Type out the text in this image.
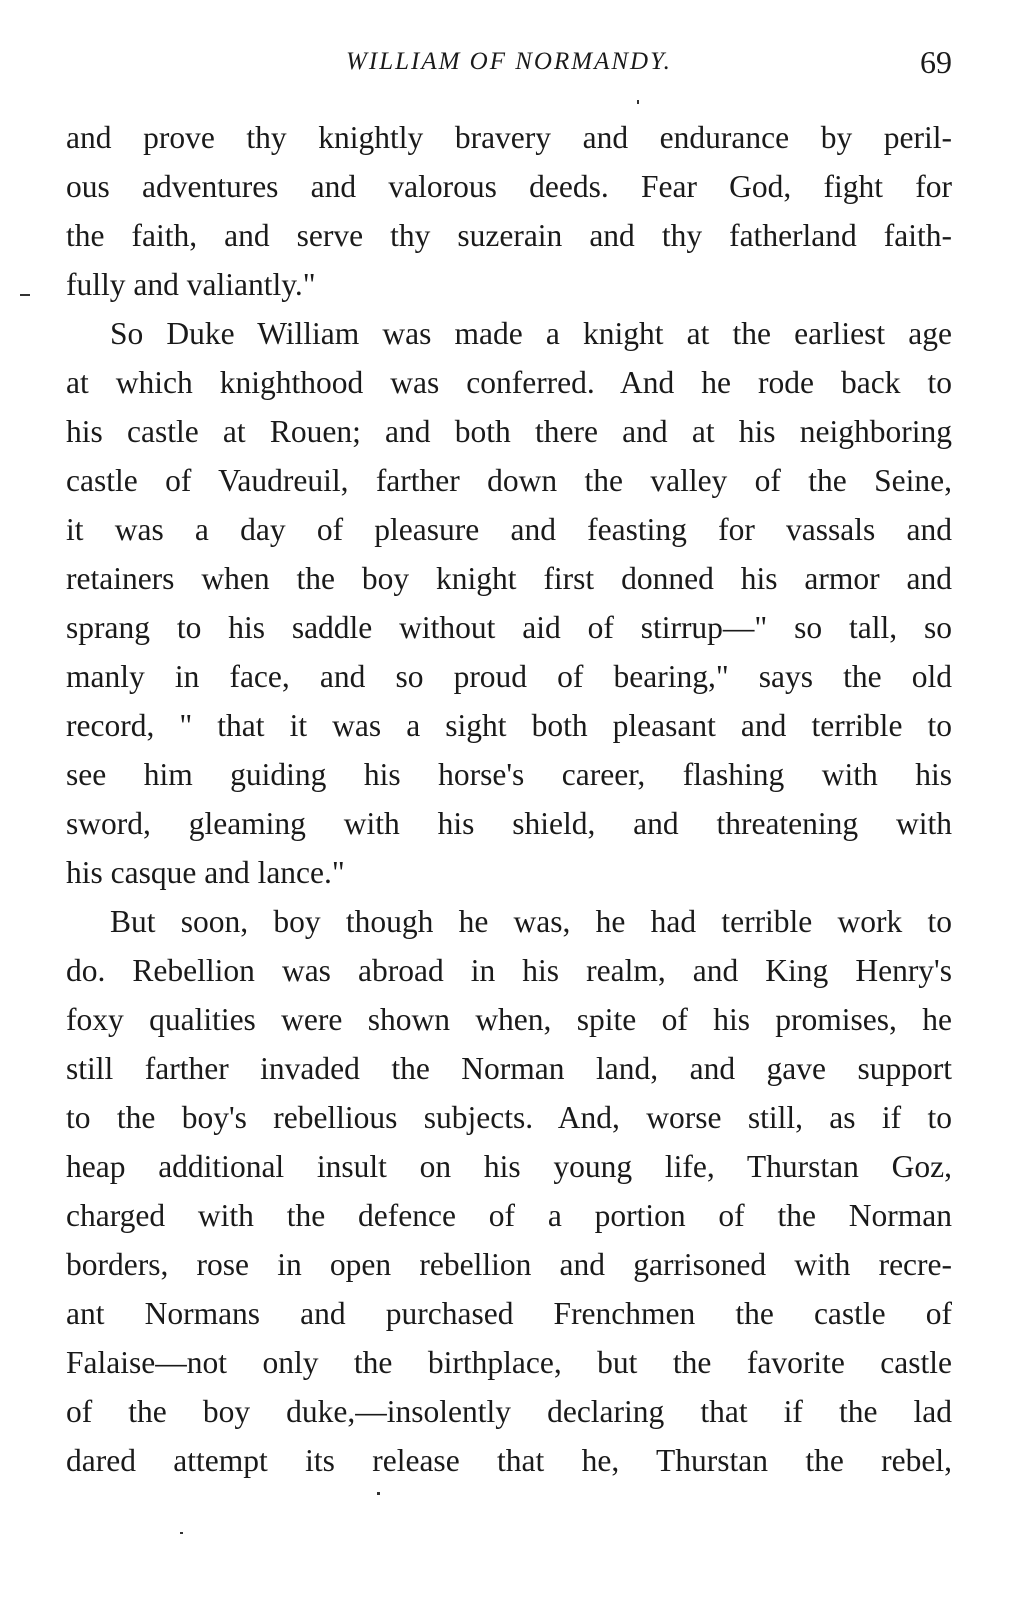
WILLIAM OF NORMANDY.	69
and prove thy knightly bravery and endurance by peril-
ous adventures and valorous deeds. Fear God, fight for
the faith, and serve thy suzerain and thy fatherland faith-
fully and valiantly."
So Duke William was made a knight at the earliest age
at which knighthood was conferred. And he rode back to
his castle at Rouen; and both there and at his neighboring
castle of Vaudreuil, farther down the valley of the Seine,
it was a day of pleasure and feasting for vassals and
retainers when the boy knight first donned his armor and
sprang to his saddle without aid of stirrup—" so tall, so
manly in face, and so proud of bearing," says the old
record, " that it was a sight both pleasant and terrible to
see him guiding his horse's career, flashing with his
sword, gleaming with his shield, and threatening with
his casque and lance."
But soon, boy though he was, he had terrible work to
do. Rebellion was abroad in his realm, and King Henry's
foxy qualities were shown when, spite of his promises, he
still farther invaded the Norman land, and gave support
to the boy's rebellious subjects. And, worse still, as if to
heap additional insult on his young life, Thurstan Goz,
charged with the defence of a portion of the Norman
borders, rose in open rebellion and garrisoned with recre-
ant Normans and purchased Frenchmen the castle of
Falaise—not only the birthplace, but the favorite castle
of the boy duke,—insolently declaring that if the lad
dared attempt its release that he, Thurstan the rebel,
